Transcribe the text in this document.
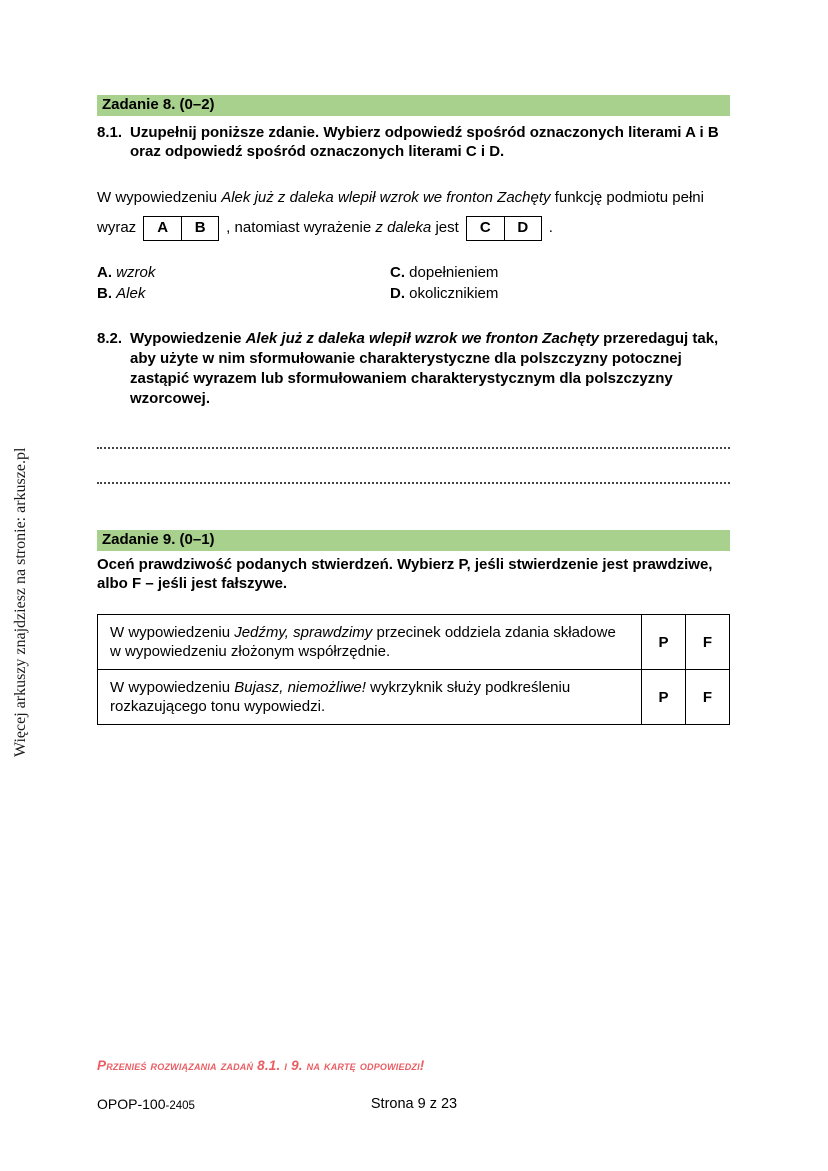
Więcej arkuszy znajdziesz na stronie: arkusze.pl
Zadanie 8. (0–2)
8.1. Uzupełnij poniższe zdanie. Wybierz odpowiedź spośród oznaczonych literami A i B oraz odpowiedź spośród oznaczonych literami C i D.
W wypowiedzeniu Alek już z daleka wlepił wzrok we fronton Zachęty funkcję podmiotu pełni wyraz	A	B	, natomiast wyrażenie z daleka jest	C	D	.
A. wzrok
B. Alek
C. dopełnieniem
D. okolicznikiem
8.2. Wypowiedzenie Alek już z daleka wlepił wzrok we fronton Zachęty przeredaguj tak, aby użyte w nim sformułowanie charakterystyczne dla polszczyzny potocznej zastąpić wyrazem lub sformułowaniem charakterystycznym dla polszczyzny wzorcowej.
Zadanie 9. (0–1)
Oceń prawdziwość podanych stwierdzeń. Wybierz P, jeśli stwierdzenie jest prawdziwe, albo F – jeśli jest fałszywe.
W wypowiedzeniu Jedźmy, sprawdzimy przecinek oddziela zdania składowe w wypowiedzeniu złożonym współrzędnie.	P	F
W wypowiedzeniu Bujasz, niemożliwe! wykrzyknik służy podkreśleniu rozkazującego tonu wypowiedzi.	P	F
Przenieś rozwiązania zadań 8.1. i 9. na kartę odpowiedzi!
OPOP-100-2405	Strona 9 z 23
